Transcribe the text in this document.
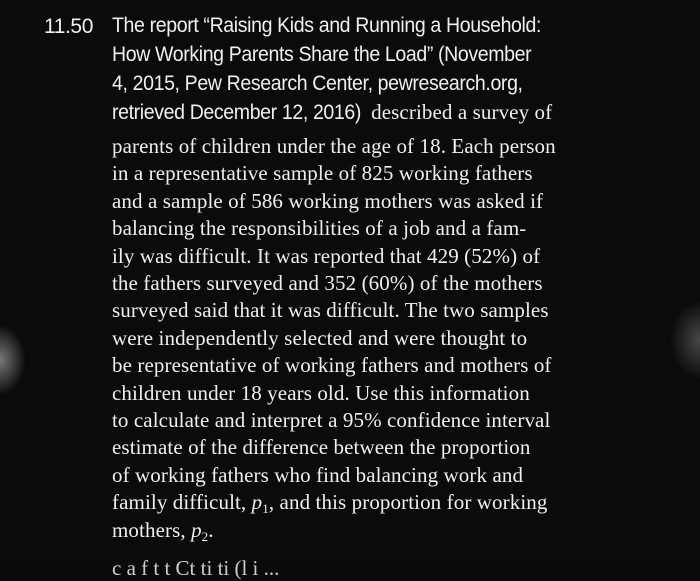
11.50 The report “Raising Kids and Running a Household:
How Working Parents Share the Load” (November
4, 2015, Pew Research Center, pewresearch.org,
retrieved December 12, 2016) described a survey of
parents of children under the age of 18. Each person
in a representative sample of 825 working fathers
and a sample of 586 working mothers was asked if
balancing the responsibilities of a job and a fam-
ily was difficult. It was reported that 429 (52%) of
the fathers surveyed and 352 (60%) of the mothers
surveyed said that it was difficult. The two samples
were independently selected and were thought to
be representative of working fathers and mothers of
children under 18 years old. Use this information
to calculate and interpret a 95% confidence interval
estimate of the difference between the proportion
of working fathers who find balancing work and
family difficult, $p_1$, and this proportion for working
c a f t t Ct ti ti (l i ...
mothers, $p_2$.
